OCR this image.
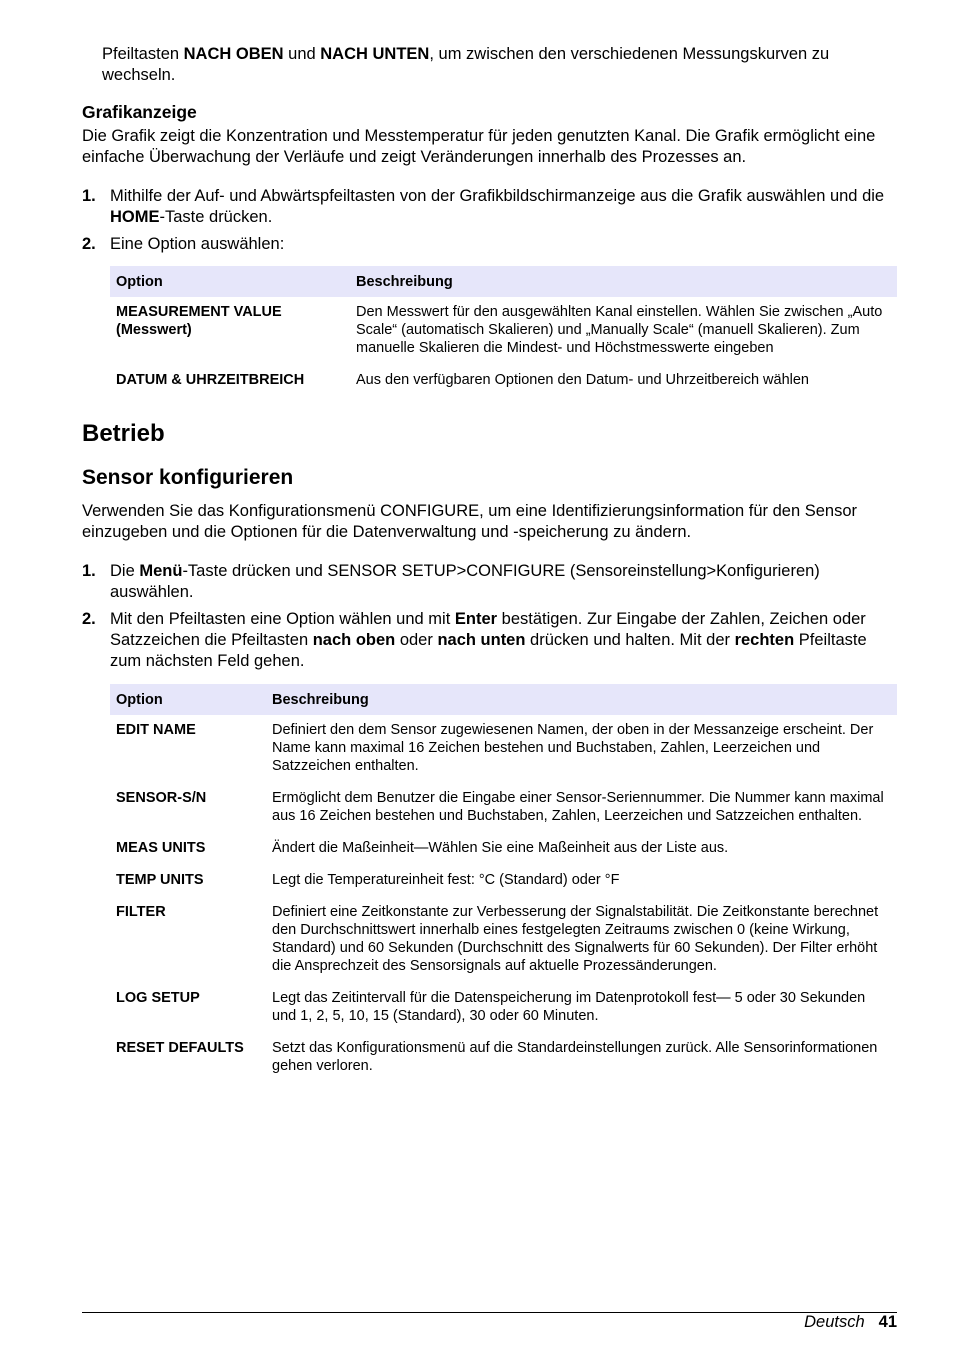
Pfeiltasten NACH OBEN und NACH UNTEN, um zwischen den verschiedenen Messungskurven zu wechseln.

Grafikanzeige

Die Grafik zeigt die Konzentration und Messtemperatur für jeden genutzten Kanal. Die Grafik ermöglicht eine einfache Überwachung der Verläufe und zeigt Veränderungen innerhalb des Prozesses an.

1. Mithilfe der Auf- und Abwärtspfeiltasten von der Grafikbildschirmanzeige aus die Grafik auswählen und die HOME-Taste drücken.
2. Eine Option auswählen:
Option	Beschreibung
MEASUREMENT VALUE (Messwert)	Den Messwert für den ausgewählten Kanal einstellen. Wählen Sie zwischen „Auto Scale“ (automatisch Skalieren) und „Manually Scale“ (manuell Skalieren). Zum manuelle Skalieren die Mindest- und Höchstmesswerte eingeben
DATUM & UHRZEITBREICH	Aus den verfügbaren Optionen den Datum- und Uhrzeitbereich wählen
Betrieb
Sensor konfigurieren

Verwenden Sie das Konfigurationsmenü CONFIGURE, um eine Identifizierungsinformation für den Sensor einzugeben und die Optionen für die Datenverwaltung und -speicherung zu ändern.

1. Die Menü-Taste drücken und SENSOR SETUP>CONFIGURE (Sensoreinstellung>Konfigurieren) auswählen.
2. Mit den Pfeiltasten eine Option wählen und mit Enter bestätigen. Zur Eingabe der Zahlen, Zeichen oder Satzzeichen die Pfeiltasten nach oben oder nach unten drücken und halten. Mit der rechten Pfeiltaste zum nächsten Feld gehen.
Option	Beschreibung
EDIT NAME	Definiert den dem Sensor zugewiesenen Namen, der oben in der Messanzeige erscheint. Der Name kann maximal 16 Zeichen bestehen und Buchstaben, Zahlen, Leerzeichen und Satzzeichen enthalten.
SENSOR-S/N	Ermöglicht dem Benutzer die Eingabe einer Sensor-Seriennummer. Die Nummer kann maximal aus 16 Zeichen bestehen und Buchstaben, Zahlen, Leerzeichen und Satzzeichen enthalten.
MEAS UNITS	Ändert die Maßeinheit—Wählen Sie eine Maßeinheit aus der Liste aus.
TEMP UNITS	Legt die Temperatureinheit fest: °C (Standard) oder °F
FILTER	Definiert eine Zeitkonstante zur Verbesserung der Signalstabilität. Die Zeitkonstante berechnet den Durchschnittswert innerhalb eines festgelegten Zeitraums zwischen 0 (keine Wirkung, Standard) und 60 Sekunden (Durchschnitt des Signalwerts für 60 Sekunden). Der Filter erhöht die Ansprechzeit des Sensorsignals auf aktuelle Prozessänderungen.
LOG SETUP	Legt das Zeitintervall für die Datenspeicherung im Datenprotokoll fest— 5 oder 30 Sekunden und 1, 2, 5, 10, 15 (Standard), 30 oder 60 Minuten.
RESET DEFAULTS	Setzt das Konfigurationsmenü auf die Standardeinstellungen zurück. Alle Sensorinformationen gehen verloren.
Deutsch 41
